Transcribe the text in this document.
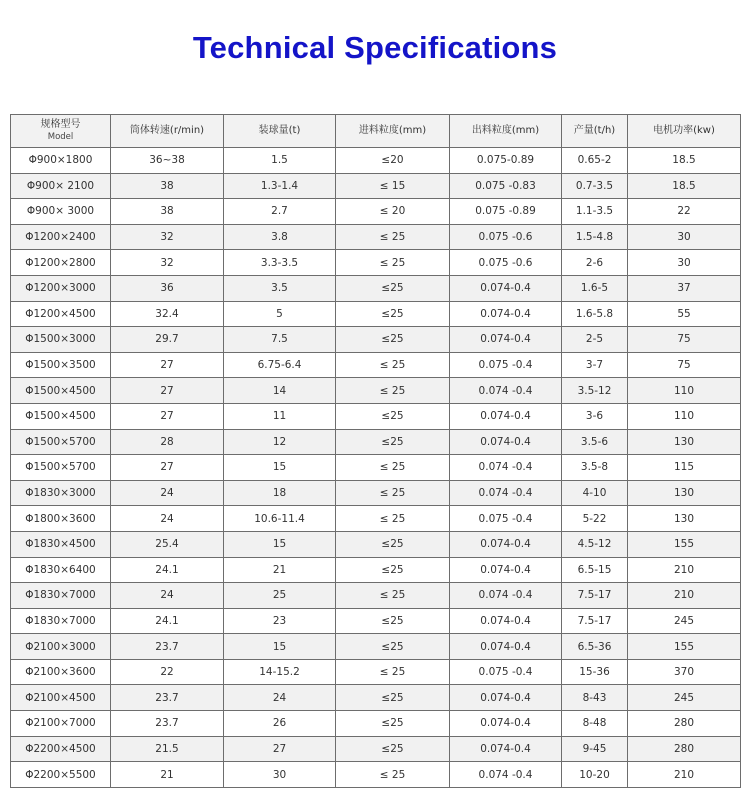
Technical Specifications
规格型号
Model	筒体转速(r/min)	装球量(t)	进料粒度(mm)	出料粒度(mm)	产量(t/h)	电机功率(kw)
Φ900×1800	36~38	1.5	≤20	0.075-0.89	0.65-2	18.5
Φ900× 2100	38	1.3-1.4	≤ 15	0.075 -0.83	0.7-3.5	18.5
Φ900× 3000	38	2.7	≤ 20	0.075 -0.89	1.1-3.5	22
Φ1200×2400	32	3.8	≤ 25	0.075 -0.6	1.5-4.8	30
Φ1200×2800	32	3.3-3.5	≤ 25	0.075 -0.6	2-6	30
Φ1200×3000	36	3.5	≤25	0.074-0.4	1.6-5	37
Φ1200×4500	32.4	5	≤25	0.074-0.4	1.6-5.8	55
Φ1500×3000	29.7	7.5	≤25	0.074-0.4	2-5	75
Φ1500×3500	27	6.75-6.4	≤ 25	0.075 -0.4	3-7	75
Φ1500×4500	27	14	≤ 25	0.074 -0.4	3.5-12	110
Φ1500×4500	27	11	≤25	0.074-0.4	3-6	110
Φ1500×5700	28	12	≤25	0.074-0.4	3.5-6	130
Φ1500×5700	27	15	≤ 25	0.074 -0.4	3.5-8	115
Φ1830×3000	24	18	≤ 25	0.074 -0.4	4-10	130
Φ1800×3600	24	10.6-11.4	≤ 25	0.075 -0.4	5-22	130
Φ1830×4500	25.4	15	≤25	0.074-0.4	4.5-12	155
Φ1830×6400	24.1	21	≤25	0.074-0.4	6.5-15	210
Φ1830×7000	24	25	≤ 25	0.074 -0.4	7.5-17	210
Φ1830×7000	24.1	23	≤25	0.074-0.4	7.5-17	245
Φ2100×3000	23.7	15	≤25	0.074-0.4	6.5-36	155
Φ2100×3600	22	14-15.2	≤ 25	0.075 -0.4	15-36	370
Φ2100×4500	23.7	24	≤25	0.074-0.4	8-43	245
Φ2100×7000	23.7	26	≤25	0.074-0.4	8-48	280
Φ2200×4500	21.5	27	≤25	0.074-0.4	9-45	280
Φ2200×5500	21	30	≤ 25	0.074 -0.4	10-20	210
